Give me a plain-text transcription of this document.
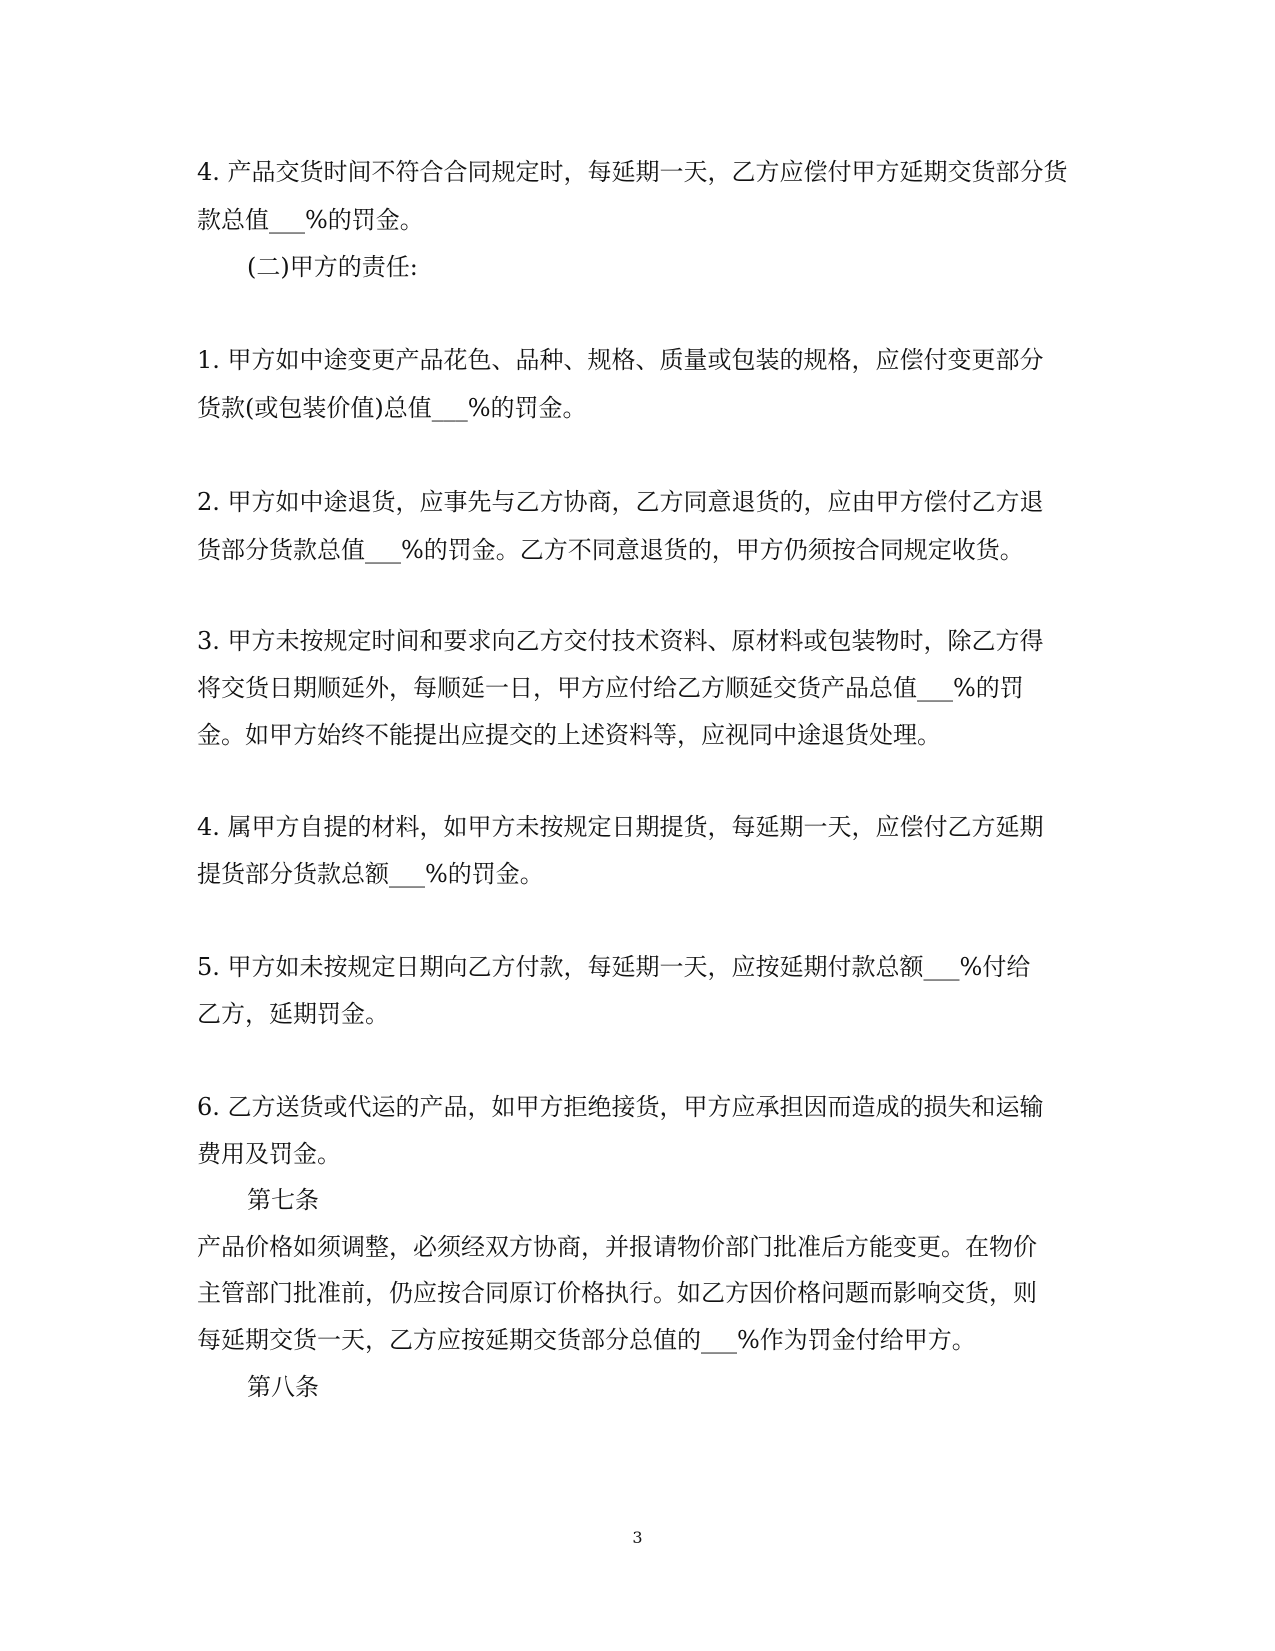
4. 产品交货时间不符合合同规定时，每延期一天，乙方应偿付甲方延期交货部分货
款总值___%的罚金。
(二)甲方的责任:
1. 甲方如中途变更产品花色、品种、规格、质量或包装的规格，应偿付变更部分
货款(或包装价值)总值___%的罚金。
2. 甲方如中途退货，应事先与乙方协商，乙方同意退货的，应由甲方偿付乙方退
货部分货款总值___%的罚金。乙方不同意退货的，甲方仍须按合同规定收货。
3. 甲方未按规定时间和要求向乙方交付技术资料、原材料或包装物时，除乙方得
将交货日期顺延外，每顺延一日，甲方应付给乙方顺延交货产品总值___%的罚
金。如甲方始终不能提出应提交的上述资料等，应视同中途退货处理。
4. 属甲方自提的材料，如甲方未按规定日期提货，每延期一天，应偿付乙方延期
提货部分货款总额___%的罚金。
5. 甲方如未按规定日期向乙方付款，每延期一天，应按延期付款总额___%付给
乙方，延期罚金。
6. 乙方送货或代运的产品，如甲方拒绝接货，甲方应承担因而造成的损失和运输
费用及罚金。
第七条
产品价格如须调整，必须经双方协商，并报请物价部门批准后方能变更。在物价
主管部门批准前，仍应按合同原订价格执行。如乙方因价格问题而影响交货，则
每延期交货一天，乙方应按延期交货部分总值的___%作为罚金付给甲方。
第八条
3
